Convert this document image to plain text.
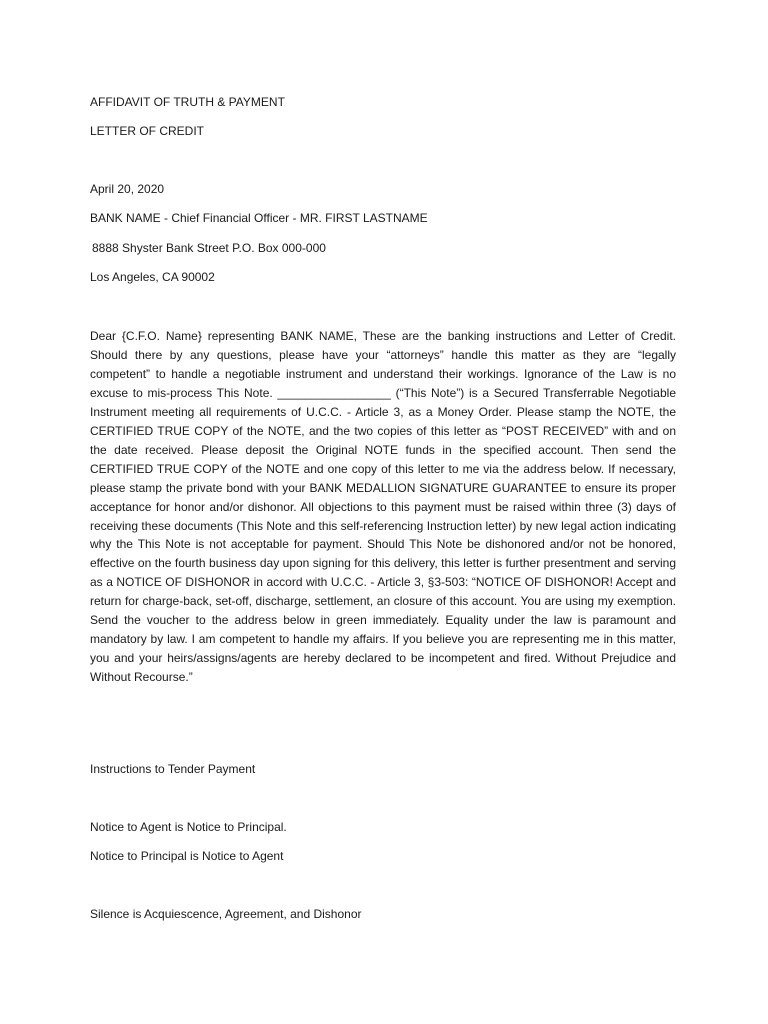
AFFIDAVIT OF TRUTH & PAYMENT
LETTER OF CREDIT
April 20, 2020
BANK NAME - Chief Financial Officer - MR. FIRST LASTNAME
8888 Shyster Bank Street P.O. Box 000-000
Los Angeles, CA 90002

Dear {C.F.O. Name} representing BANK NAME, These are the banking instructions and Letter of Credit. Should there by any questions, please have your “attorneys” handle this matter as they are “legally competent” to handle a negotiable instrument and understand their workings. Ignorance of the Law is no excuse to mis-process This Note. _________________ (“This Note”) is a Secured Transferrable Negotiable Instrument meeting all requirements of U.C.C. - Article 3, as a Money Order. Please stamp the NOTE, the CERTIFIED TRUE COPY of the NOTE, and the two copies of this letter as “POST RECEIVED” with and on the date received. Please deposit the Original NOTE funds in the specified account. Then send the CERTIFIED TRUE COPY of the NOTE and one copy of this letter to me via the address below. If necessary, please stamp the private bond with your BANK MEDALLION SIGNATURE GUARANTEE to ensure its proper acceptance for honor and/or dishonor. All objections to this payment must be raised within three (3) days of receiving these documents (This Note and this self-referencing Instruction letter) by new legal action indicating why the This Note is not acceptable for payment. Should This Note be dishonored and/or not be honored, effective on the fourth business day upon signing for this delivery, this letter is further presentment and serving as a NOTICE OF DISHONOR in accord with U.C.C. - Article 3, §3-503: “NOTICE OF DISHONOR! Accept and return for charge-back, set-off, discharge, settlement, an closure of this account. You are using my exemption. Send the voucher to the address below in green immediately. Equality under the law is paramount and mandatory by law. I am competent to handle my affairs. If you believe you are representing me in this matter, you and your heirs/assigns/agents are hereby declared to be incompetent and fired. Without Prejudice and Without Recourse.”

Instructions to Tender Payment
Notice to Agent is Notice to Principal.
Notice to Principal is Notice to Agent
Silence is Acquiescence, Agreement, and Dishonor
